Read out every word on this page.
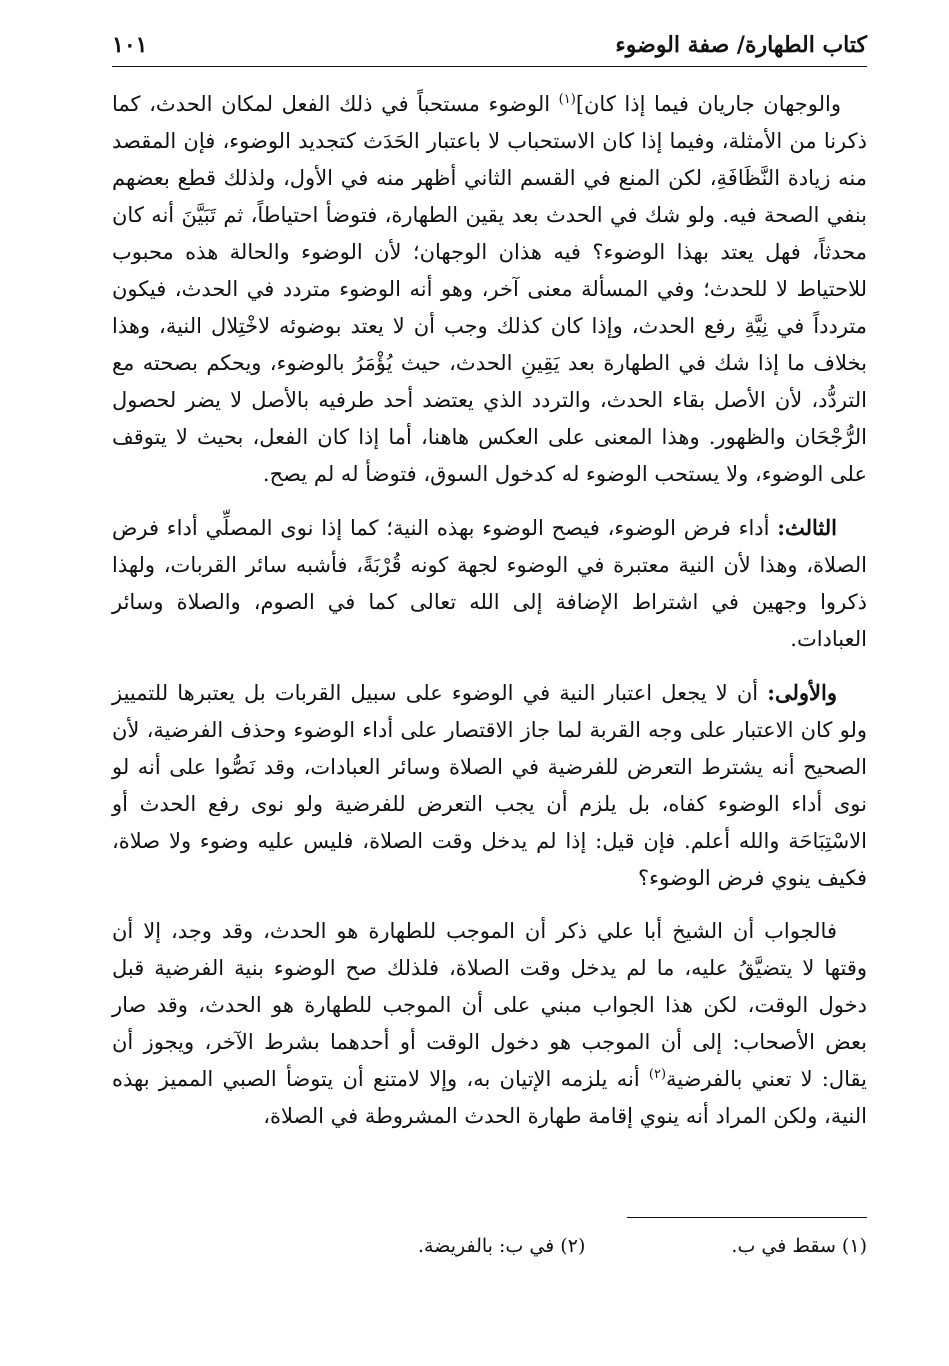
كتاب الطهارة/ صفة الوضوء
١٠١

والوجهان جاريان فيما إذا كان]$^{(١)}$ الوضوء مستحباً في ذلك الفعل لمكان الحدث، كما ذكرنا من الأمثلة، وفيما إذا كان الاستحباب لا باعتبار الحَدَث كتجديد الوضوء، فإن المقصد منه زيادة النَّظَافَةِ، لكن المنع في القسم الثاني أظهر منه في الأول، ولذلك قطع بعضهم بنفي الصحة فيه. ولو شك في الحدث بعد يقين الطهارة، فتوضأ احتياطاً، ثم تَبَيَّنَ أنه كان محدثاً، فهل يعتد بهذا الوضوء؟ فيه هذان الوجهان؛ لأن الوضوء والحالة هذه محبوب للاحتياط لا للحدث؛ وفي المسألة معنى آخر، وهو أنه الوضوء متردد في الحدث، فيكون متردداً في نِيَّةِ رفع الحدث، وإذا كان كذلك وجب أن لا يعتد بوضوئه لاخْتِلال النية، وهذا بخلاف ما إذا شك في الطهارة بعد يَقِينِ الحدث، حيث يُؤْمَرُ بالوضوء، ويحكم بصحته مع التردُّد، لأن الأصل بقاء الحدث، والتردد الذي يعتضد أحد طرفيه بالأصل لا يضر لحصول الرُّجْحَان والظهور. وهذا المعنى على العكس هاهنا، أما إذا كان الفعل، بحيث لا يتوقف على الوضوء، ولا يستحب الوضوء له كدخول السوق، فتوضأ له لم يصح.

الثالث: أداء فرض الوضوء، فيصح الوضوء بهذه النية؛ كما إذا نوى المصلِّي أداء فرض الصلاة، وهذا لأن النية معتبرة في الوضوء لجهة كونه قُرْبَةً، فأشبه سائر القربات، ولهذا ذكروا وجهين في اشتراط الإضافة إلى الله تعالى كما في الصوم، والصلاة وسائر العبادات.

والأولى: أن لا يجعل اعتبار النية في الوضوء على سبيل القربات بل يعتبرها للتمييز ولو كان الاعتبار على وجه القربة لما جاز الاقتصار على أداء الوضوء وحذف الفرضية، لأن الصحيح أنه يشترط التعرض للفرضية في الصلاة وسائر العبادات، وقد نَصُّوا على أنه لو نوى أداء الوضوء كفاه، بل يلزم أن يجب التعرض للفرضية ولو نوى رفع الحدث أو الاسْتِبَاحَة والله أعلم. فإن قيل: إذا لم يدخل وقت الصلاة، فليس عليه وضوء ولا صلاة، فكيف ينوي فرض الوضوء؟

فالجواب أن الشيخ أبا علي ذكر أن الموجب للطهارة هو الحدث، وقد وجد، إلا أن وقتها لا يتضيَّقُ عليه، ما لم يدخل وقت الصلاة، فلذلك صح الوضوء بنية الفرضية قبل دخول الوقت، لكن هذا الجواب مبني على أن الموجب للطهارة هو الحدث، وقد صار بعض الأصحاب: إلى أن الموجب هو دخول الوقت أو أحدهما بشرط الآخر، ويجوز أن يقال: لا تعني بالفرضية$^{(٢)}$ أنه يلزمه الإتيان به، وإلا لامتنع أن يتوضأ الصبي المميز بهذه النية، ولكن المراد أنه ينوي إقامة طهارة الحدث المشروطة في الصلاة،

(١) سقط في ب. (٢) في ب: بالفريضة.
